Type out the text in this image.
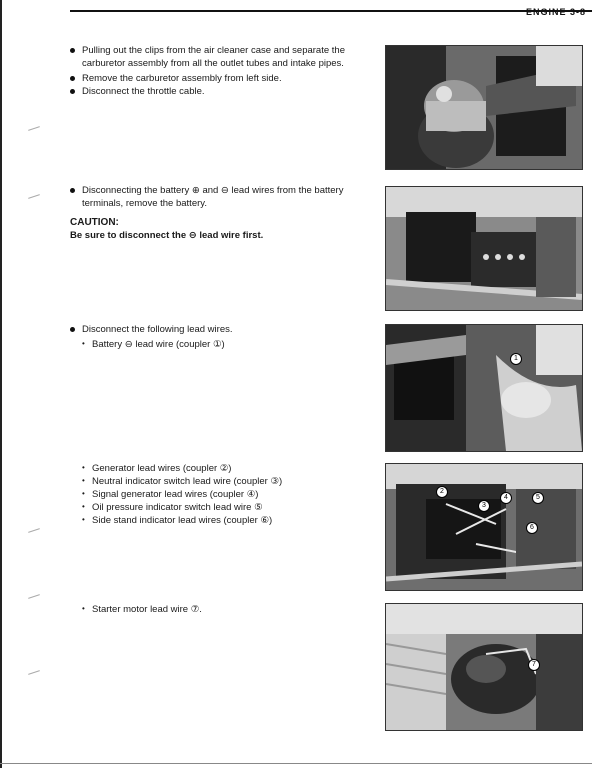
ENGINE 3-8
Pulling out the clips from the air cleaner case and separate the carburetor assembly from all the outlet tubes and intake pipes.
Remove the carburetor assembly from left side.
Disconnect the throttle cable.
Disconnecting the battery ⊕ and ⊖ lead wires from the battery terminals, remove the battery.
CAUTION:
Be sure to disconnect the ⊖ lead wire first.
Disconnect the following lead wires.
• Battery ⊖ lead wire (coupler ①)
• Generator lead wires (coupler ②)
• Neutral indicator switch lead wire (coupler ③)
• Signal generator lead wires (coupler ④)
• Oil pressure indicator switch lead wire ⑤
• Side stand indicator lead wires (coupler ⑥)
• Starter motor lead wire ⑦.
1
2
3
4	5
6
7
